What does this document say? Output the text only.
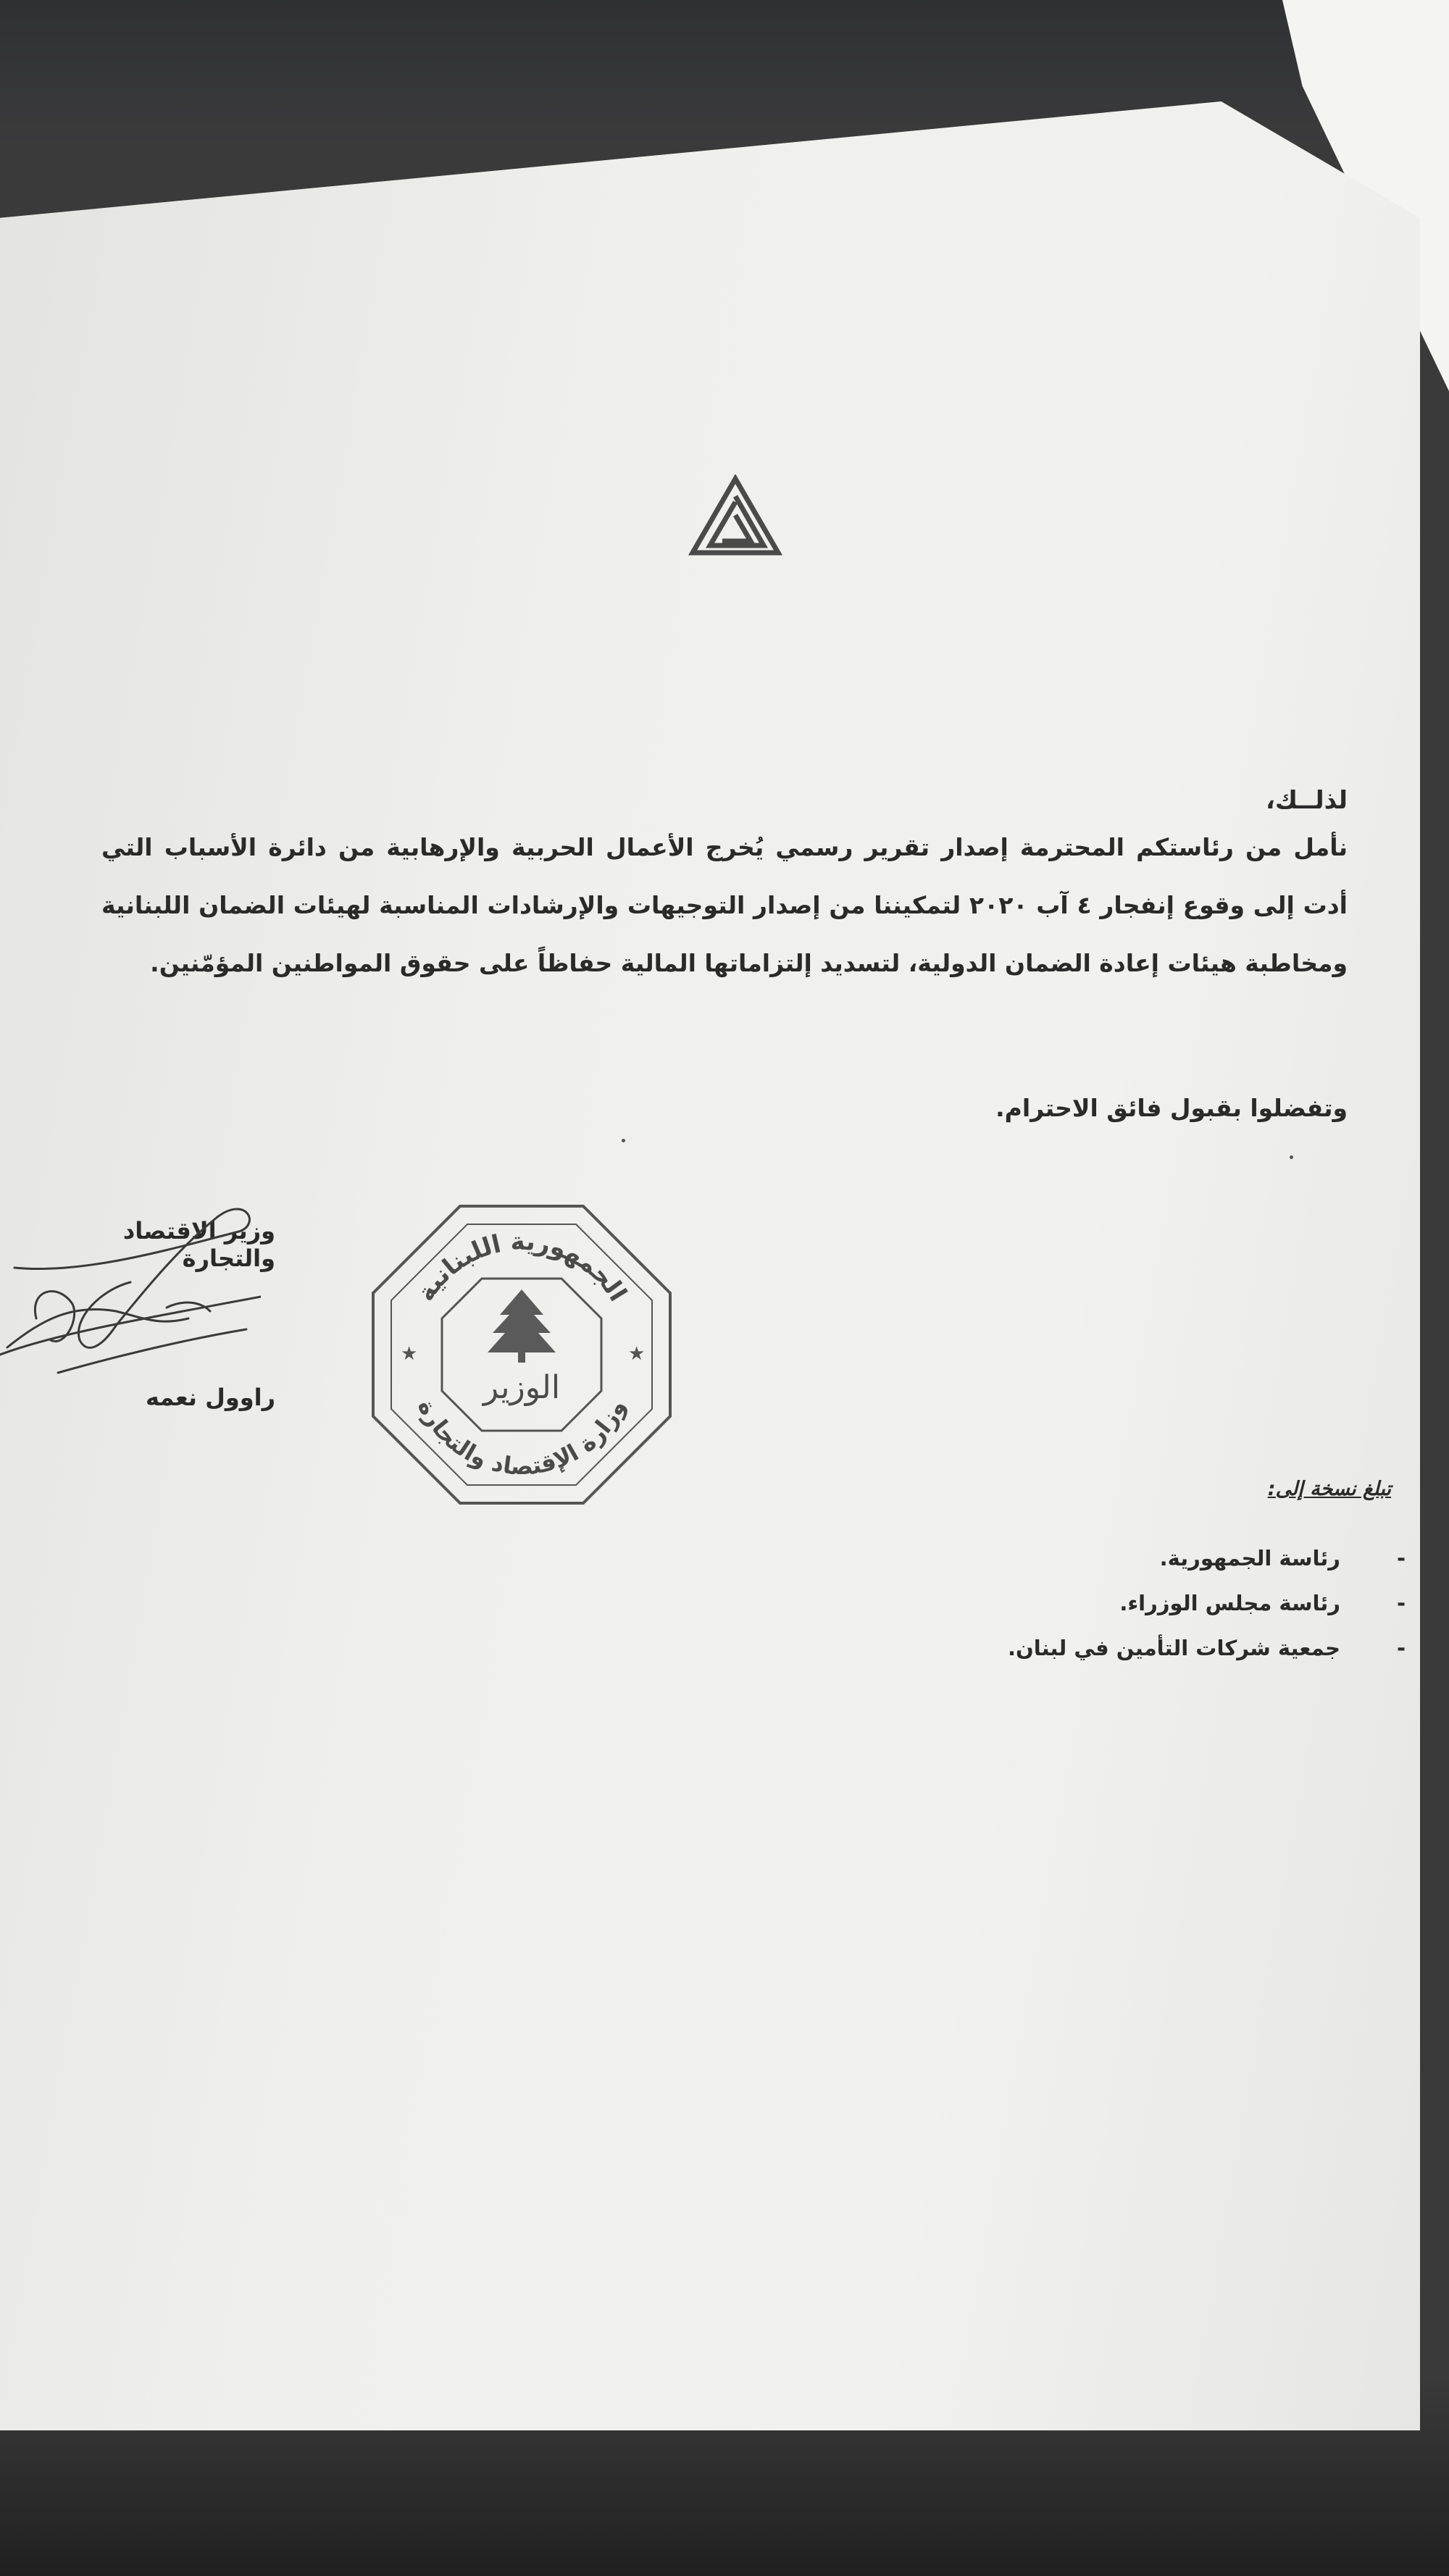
لذلــك،
نأمل من رئاستكم المحترمة إصدار تقرير رسمي يُخرج الأعمال الحربية والإرهابية من دائرة الأسباب التي أدت إلى وقوع إنفجار ٤ آب ٢٠٢٠ لتمكيننا من إصدار التوجيهات والإرشادات المناسبة لهيئات الضمان اللبنانية ومخاطبة هيئات إعادة الضمان الدولية، لتسديد إلتزاماتها المالية حفاظاً على حقوق المواطنين المؤمّنين.
وتفضلوا بقبول فائق الاحترام.
وزير الاقتصاد والتجارة
راوول نعمه
الجمهورية اللبنانية
وزارة الإقتصاد والتجارة
الوزير
★	★
تبلغ نسخة إلى:
-رئاسة الجمهورية.
-رئاسة مجلس الوزراء.
-جمعية شركات التأمين في لبنان.
